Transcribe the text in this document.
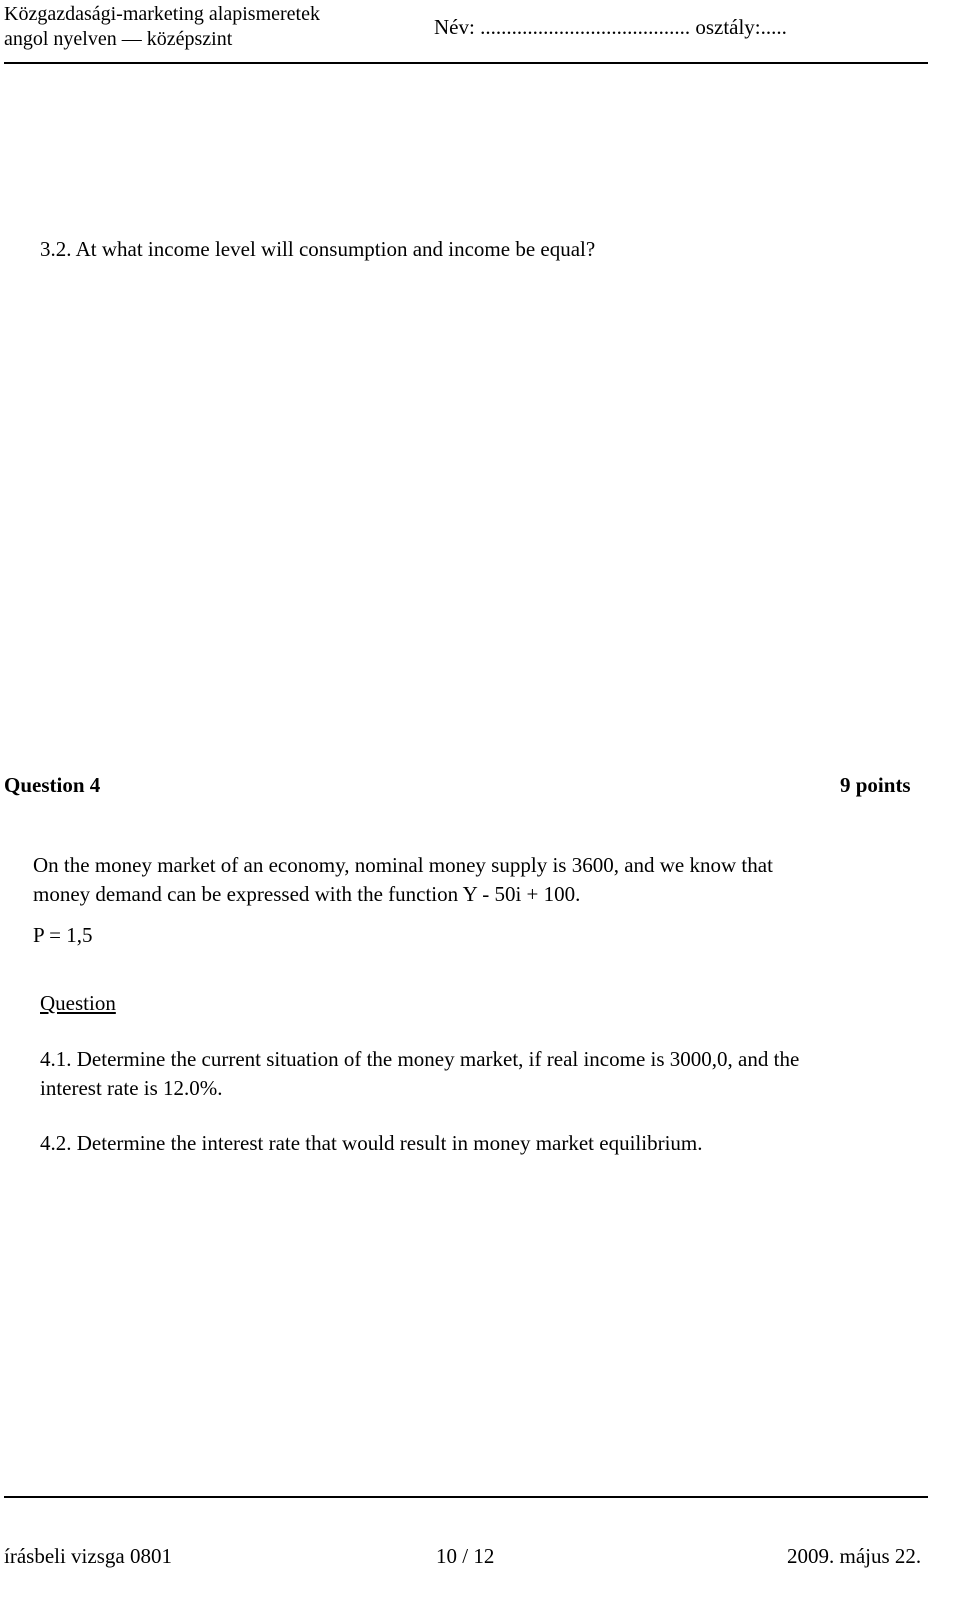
Közgazdasági-marketing alapismeretek
angol nyelven — középszint	Név: ........................................ osztály:.....
3.2. At what income level will consumption and income be equal?
Question 4	9 points
On the money market of an economy, nominal money supply is 3600, and we know that
money demand can be expressed with the function Y - 50i + 100.
P = 1,5
Question
4.1. Determine the current situation of the money market, if real income is 3000,0, and the
interest rate is 12.0%.
4.2. Determine the interest rate that would result in money market equilibrium.
írásbeli vizsga 0801	10 / 12	2009. május 22.
